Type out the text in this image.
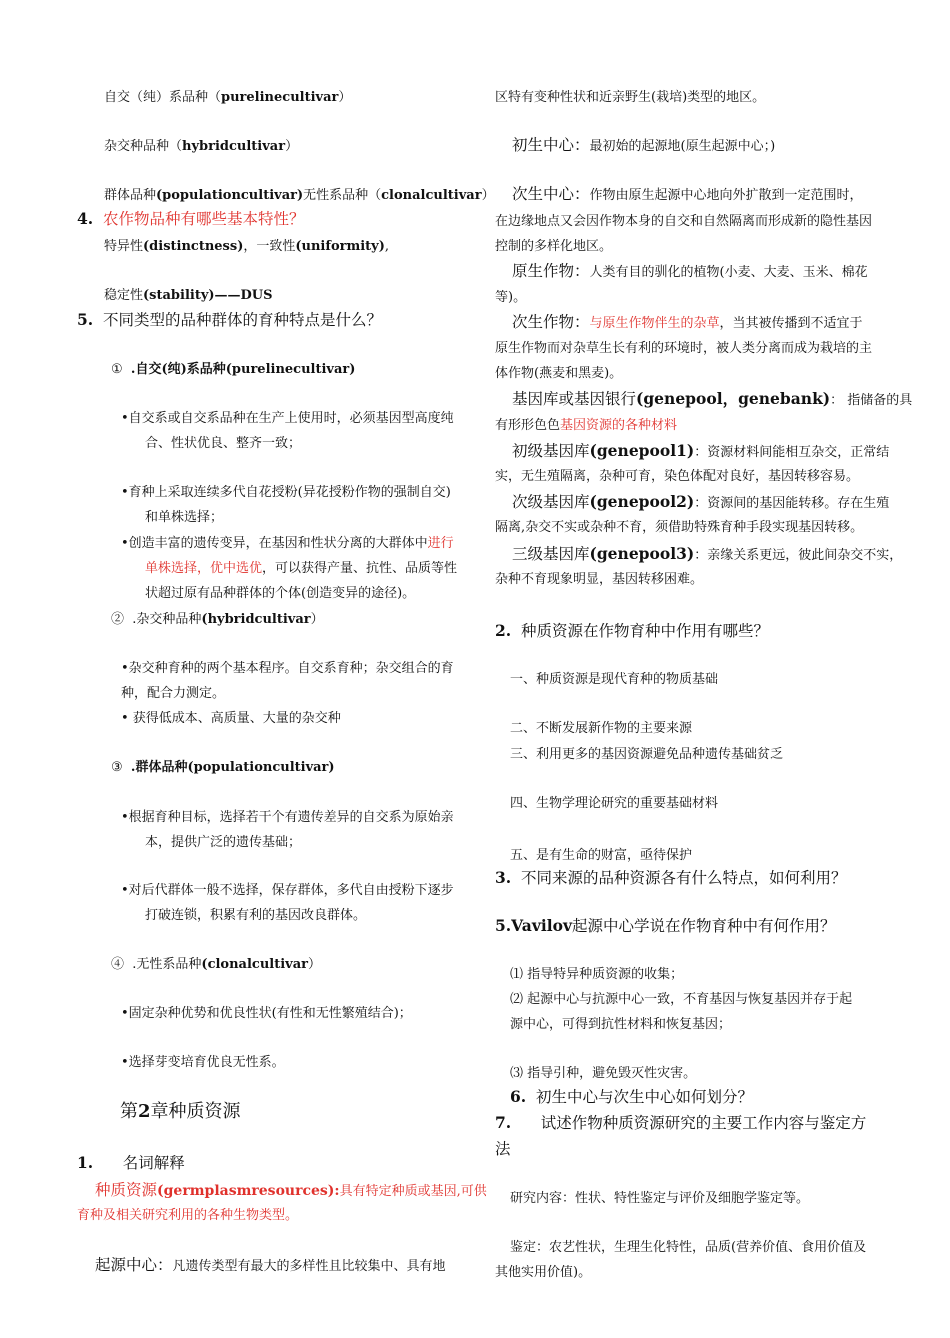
自交（纯）系品种（purelinecultivar）
杂交种品种（hybridcultivar）
群体品种(populationcultivar)无性系品种（clonalcultivar）
4. 农作物品种有哪些基本特性？
特异性(distinctness)，一致性(uniformity),
稳定性(stability)——DUS
5. 不同类型的品种群体的育种特点是什么？
① .自交(纯)系品种(purelinecultivar)
•自交系或自交系品种在生产上使用时，必须基因型高度纯
合、性状优良、整齐一致；
•育种上采取连续多代自花授粉(异花授粉作物的强制自交)
和单株选择；
•创造丰富的遗传变异，在基因和性状分离的大群体中进行
单株选择，优中选优，可以获得产量、抗性、品质等性
状超过原有品种群体的个体(创造变异的途径)。
② .杂交种品种(hybridcultivar）
•杂交种育种的两个基本程序。自交系育种；杂交组合的育
种，配合力测定。
• 获得低成本、高质量、大量的杂交种
③ .群体品种(populationcultivar)
•根据育种目标，选择若干个有遗传差异的自交系为原始亲
本，提供广泛的遗传基础；
•对后代群体一般不选择，保存群体，多代自由授粉下逐步
打破连锁，积累有利的基因改良群体。
④ .无性系品种(clonalcultivar）
•固定杂种优势和优良性状(有性和无性繁殖结合)；
•选择芽变培育优良无性系。
第2章种质资源
1. 名词解释
种质资源(germplasmresources):具有特定种质或基因,可供
育种及相关研究利用的各种生物类型。
起源中心：凡遗传类型有最大的多样性且比较集中、具有地
区特有变种性状和近亲野生(栽培)类型的地区。
初生中心：最初始的起源地(原生起源中心；)
次生中心：作物由原生起源中心地向外扩散到一定范围时，
在边缘地点又会因作物本身的自交和自然隔离而形成新的隐性基因
控制的多样化地区。
原生作物：人类有目的驯化的植物(小麦、大麦、玉米、棉花
等)。
次生作物：与原生作物伴生的杂草，当其被传播到不适宜于
原生作物而对杂草生长有利的环境时，被人类分离而成为栽培的主
体作物(燕麦和黑麦)。
基因库或基因银行(genepool，genebank)： 指储备的具
有形形色色基因资源的各种材料
初级基因库(genepool1)：资源材料间能相互杂交，正常结
实，无生殖隔离，杂种可育，染色体配对良好，基因转移容易。
次级基因库(genepool2)：资源间的基因能转移。存在生殖
隔离,杂交不实或杂种不育，须借助特殊育种手段实现基因转移。
三级基因库(genepool3)：亲缘关系更远，彼此间杂交不实，
杂种不育现象明显，基因转移困难。
2. 种质资源在作物育种中作用有哪些？
一、种质资源是现代育种的物质基础
二、不断发展新作物的主要来源
三、利用更多的基因资源避免品种遗传基础贫乏
四、生物学理论研究的重要基础材料
五、是有生命的财富，亟待保护
3. 不同来源的品种资源各有什么特点，如何利用？
5.Vavilov起源中心学说在作物育种中有何作用？
⑴ 指导特异种质资源的收集；
⑵ 起源中心与抗源中心一致，不育基因与恢复基因并存于起
源中心，可得到抗性材料和恢复基因；
⑶ 指导引种，避免毁灭性灾害。
6. 初生中心与次生中心如何划分？
7. 试述作物种质资源研究的主要工作内容与鉴定方
法
研究内容：性状、特性鉴定与评价及细胞学鉴定等。
鉴定：农艺性状，生理生化特性，品质(营养价值、食用价值及
其他实用价值)。
